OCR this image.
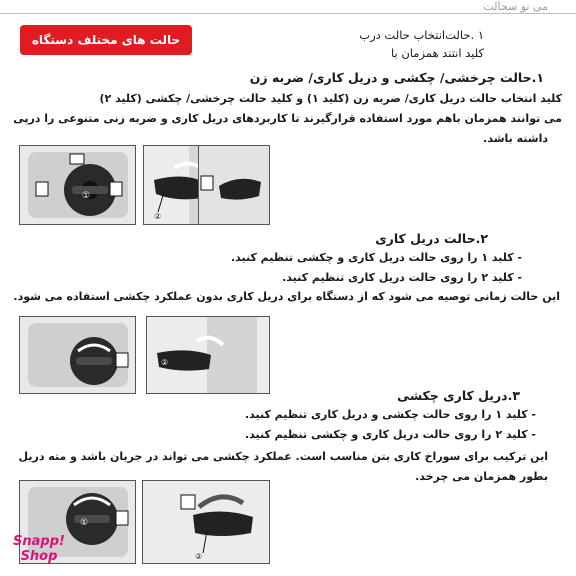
می نو سحالت
حالت های مختلف دستگاه	۱ .حالت‌انتخاب حالت در‌ب
کلید انتند همزمان با
۱.حالت چرخشی/ چکشی و دریل کاری/ ضربه زن
کلید انتخاب حالت دریل کاری/ ضربه زن (کلید ۱) و کلید حالت چرخشی/ چکشی (کلید ۲)
می توانند همزمان باهم مورد استفاده قرارگیرند تا کاربردهای دریل کاری و ضربه زنی متنوعی را درپی
داشته باشد.
①
②
۲.حالت دریل کاری
- کلید ۱ را روی حالت دریل کاری و چکشی تنظیم کنید.
- کلید ۲ را روی حالت دریل کاری تنظیم کنید.
این حالت زمانی توصیه می شود که از دستگاه برای دریل کاری بدون عملکرد چکشی استفاده می شود.
②
۳.دریل کاری چکشی
- کلید ۱ را روی حالت چکشی و دریل کاری تنظیم کنید.
- کلید ۲ را روی حالت دریل کاری و چکشی تنظیم کنید.
این ترکیب برای سوراخ کاری بتن مناسب است. عملکرد چکشی می تواند در جریان باشد و مته دریل
بطور همزمان می چرخد.
①
②
Snapp!
Shop
